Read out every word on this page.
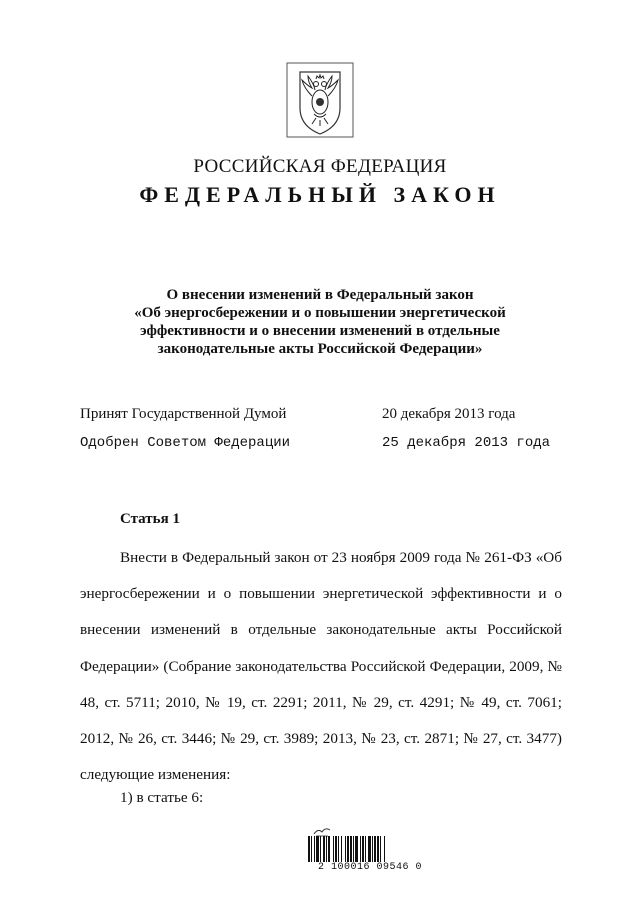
РОССИЙСКАЯ ФЕДЕРАЦИЯ
ФЕДЕРАЛЬНЫЙ ЗАКОН
О внесении изменений в Федеральный закон
«Об энергосбережении и о повышении энергетической
эффективности и о внесении изменений в отдельные
законодательные акты Российской Федерации»
Принят Государственной Думой	20 декабря 2013 года
Одобрен Советом Федерации	25 декабря 2013 года
Статья 1

Внести в Федеральный закон от 23 ноября 2009 года № 261-ФЗ «Об энергосбережении и о повышении энергетической эффективности и о внесении изменений в отдельные законодательные акты Российской Федерации» (Собрание законодательства Российской Федерации, 2009, № 48, ст. 5711; 2010, № 19, ст. 2291; 2011, № 29, ст. 4291; № 49, ст. 7061; 2012, № 26, ст. 3446; № 29, ст. 3989; 2013, № 23, ст. 2871; № 27, ст. 3477) следующие изменения:

1) в статье 6:
2 100016 09546 0
